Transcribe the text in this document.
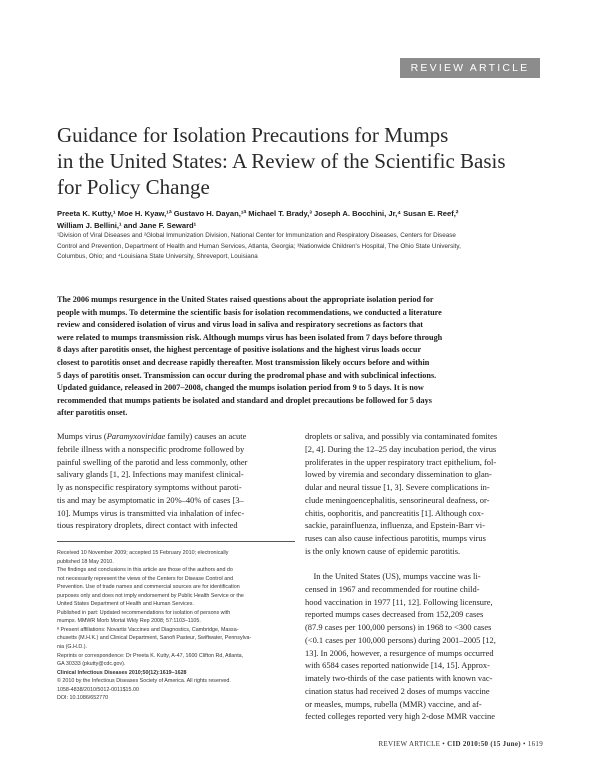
REVIEW ARTICLE
Guidance for Isolation Precautions for Mumps
in the United States: A Review of the Scientific Basis
for Policy Change
Preeta K. Kutty,¹ Moe H. Kyaw,¹ª Gustavo H. Dayan,¹ª Michael T. Brady,³ Joseph A. Bocchini, Jr,⁴ Susan E. Reef,²
William J. Bellini,¹ and Jane F. Seward¹
¹Division of Viral Diseases and ²Global Immunization Division, National Center for Immunization and Respiratory Diseases, Centers for Disease
Control and Prevention, Department of Health and Human Services, Atlanta, Georgia; ³Nationwide Children's Hospital, The Ohio State University,
Columbus, Ohio; and ⁴Louisiana State University, Shreveport, Louisiana
The 2006 mumps resurgence in the United States raised questions about the appropriate isolation period for
people with mumps. To determine the scientific basis for isolation recommendations, we conducted a literature
review and considered isolation of virus and virus load in saliva and respiratory secretions as factors that
were related to mumps transmission risk. Although mumps virus has been isolated from 7 days before through
8 days after parotitis onset, the highest percentage of positive isolations and the highest virus loads occur
closest to parotitis onset and decrease rapidly thereafter. Most transmission likely occurs before and within
5 days of parotitis onset. Transmission can occur during the prodromal phase and with subclinical infections.
Updated guidance, released in 2007–2008, changed the mumps isolation period from 9 to 5 days. It is now
recommended that mumps patients be isolated and standard and droplet precautions be followed for 5 days
after parotitis onset.
Mumps virus (Paramyxoviridae family) causes an acute
febrile illness with a nonspecific prodrome followed by
painful swelling of the parotid and less commonly, other
salivary glands [1, 2]. Infections may manifest clinical-
ly as nonspecific respiratory symptoms without paroti-
tis and may be asymptomatic in 20%–40% of cases [3–
10]. Mumps virus is transmitted via inhalation of infec-
tious respiratory droplets, direct contact with infected
Received 10 November 2009; accepted 15 February 2010; electronically
published 18 May 2010.
The findings and conclusions in this article are those of the authors and do
not necessarily represent the views of the Centers for Disease Control and
Prevention. Use of trade names and commercial sources are for identification
purposes only and does not imply endorsement by Public Health Service or the
United States Department of Health and Human Services.
Published in part: Updated recommendations for isolation of persons with
mumps. MMWR Morb Mortal Wkly Rep 2008; 57:1103–1105.
ª Present affiliations: Novartis Vaccines and Diagnostics, Cambridge, Massa-
chusetts (M.H.K.) and Clinical Department, Sanofi Pasteur, Swiftwater, Pennsylva-
nia (G.H.D.).
Reprints or correspondence: Dr Preeta K. Kutty, A-47, 1600 Clifton Rd, Atlanta,
GA 30333 (pkutty@cdc.gov).
Clinical Infectious Diseases 2010;50(12):1619–1628
© 2010 by the Infectious Diseases Society of America. All rights reserved.
1058-4838/2010/5012-0011$15.00
DOI: 10.1086/652770
droplets or saliva, and possibly via contaminated fomites
[2, 4]. During the 12–25 day incubation period, the virus
proliferates in the upper respiratory tract epithelium, fol-
lowed by viremia and secondary dissemination to glan-
dular and neural tissue [1, 3]. Severe complications in-
clude meningoencephalitis, sensorineural deafness, or-
chitis, oophoritis, and pancreatitis [1]. Although cox-
sackie, parainfluenza, influenza, and Epstein-Barr vi-
ruses can also cause infectious parotitis, mumps virus
is the only known cause of epidemic parotitis.
In the United States (US), mumps vaccine was li-
censed in 1967 and recommended for routine child-
hood vaccination in 1977 [11, 12]. Following licensure,
reported mumps cases decreased from 152,209 cases
(87.9 cases per 100,000 persons) in 1968 to <300 cases
(<0.1 cases per 100,000 persons) during 2001–2005 [12,
13]. In 2006, however, a resurgence of mumps occurred
with 6584 cases reported nationwide [14, 15]. Approx-
imately two-thirds of the case patients with known vac-
cination status had received 2 doses of mumps vaccine
or measles, mumps, rubella (MMR) vaccine, and af-
fected colleges reported very high 2-dose MMR vaccine
REVIEW ARTICLE • CID 2010:50 (15 June) • 1619
